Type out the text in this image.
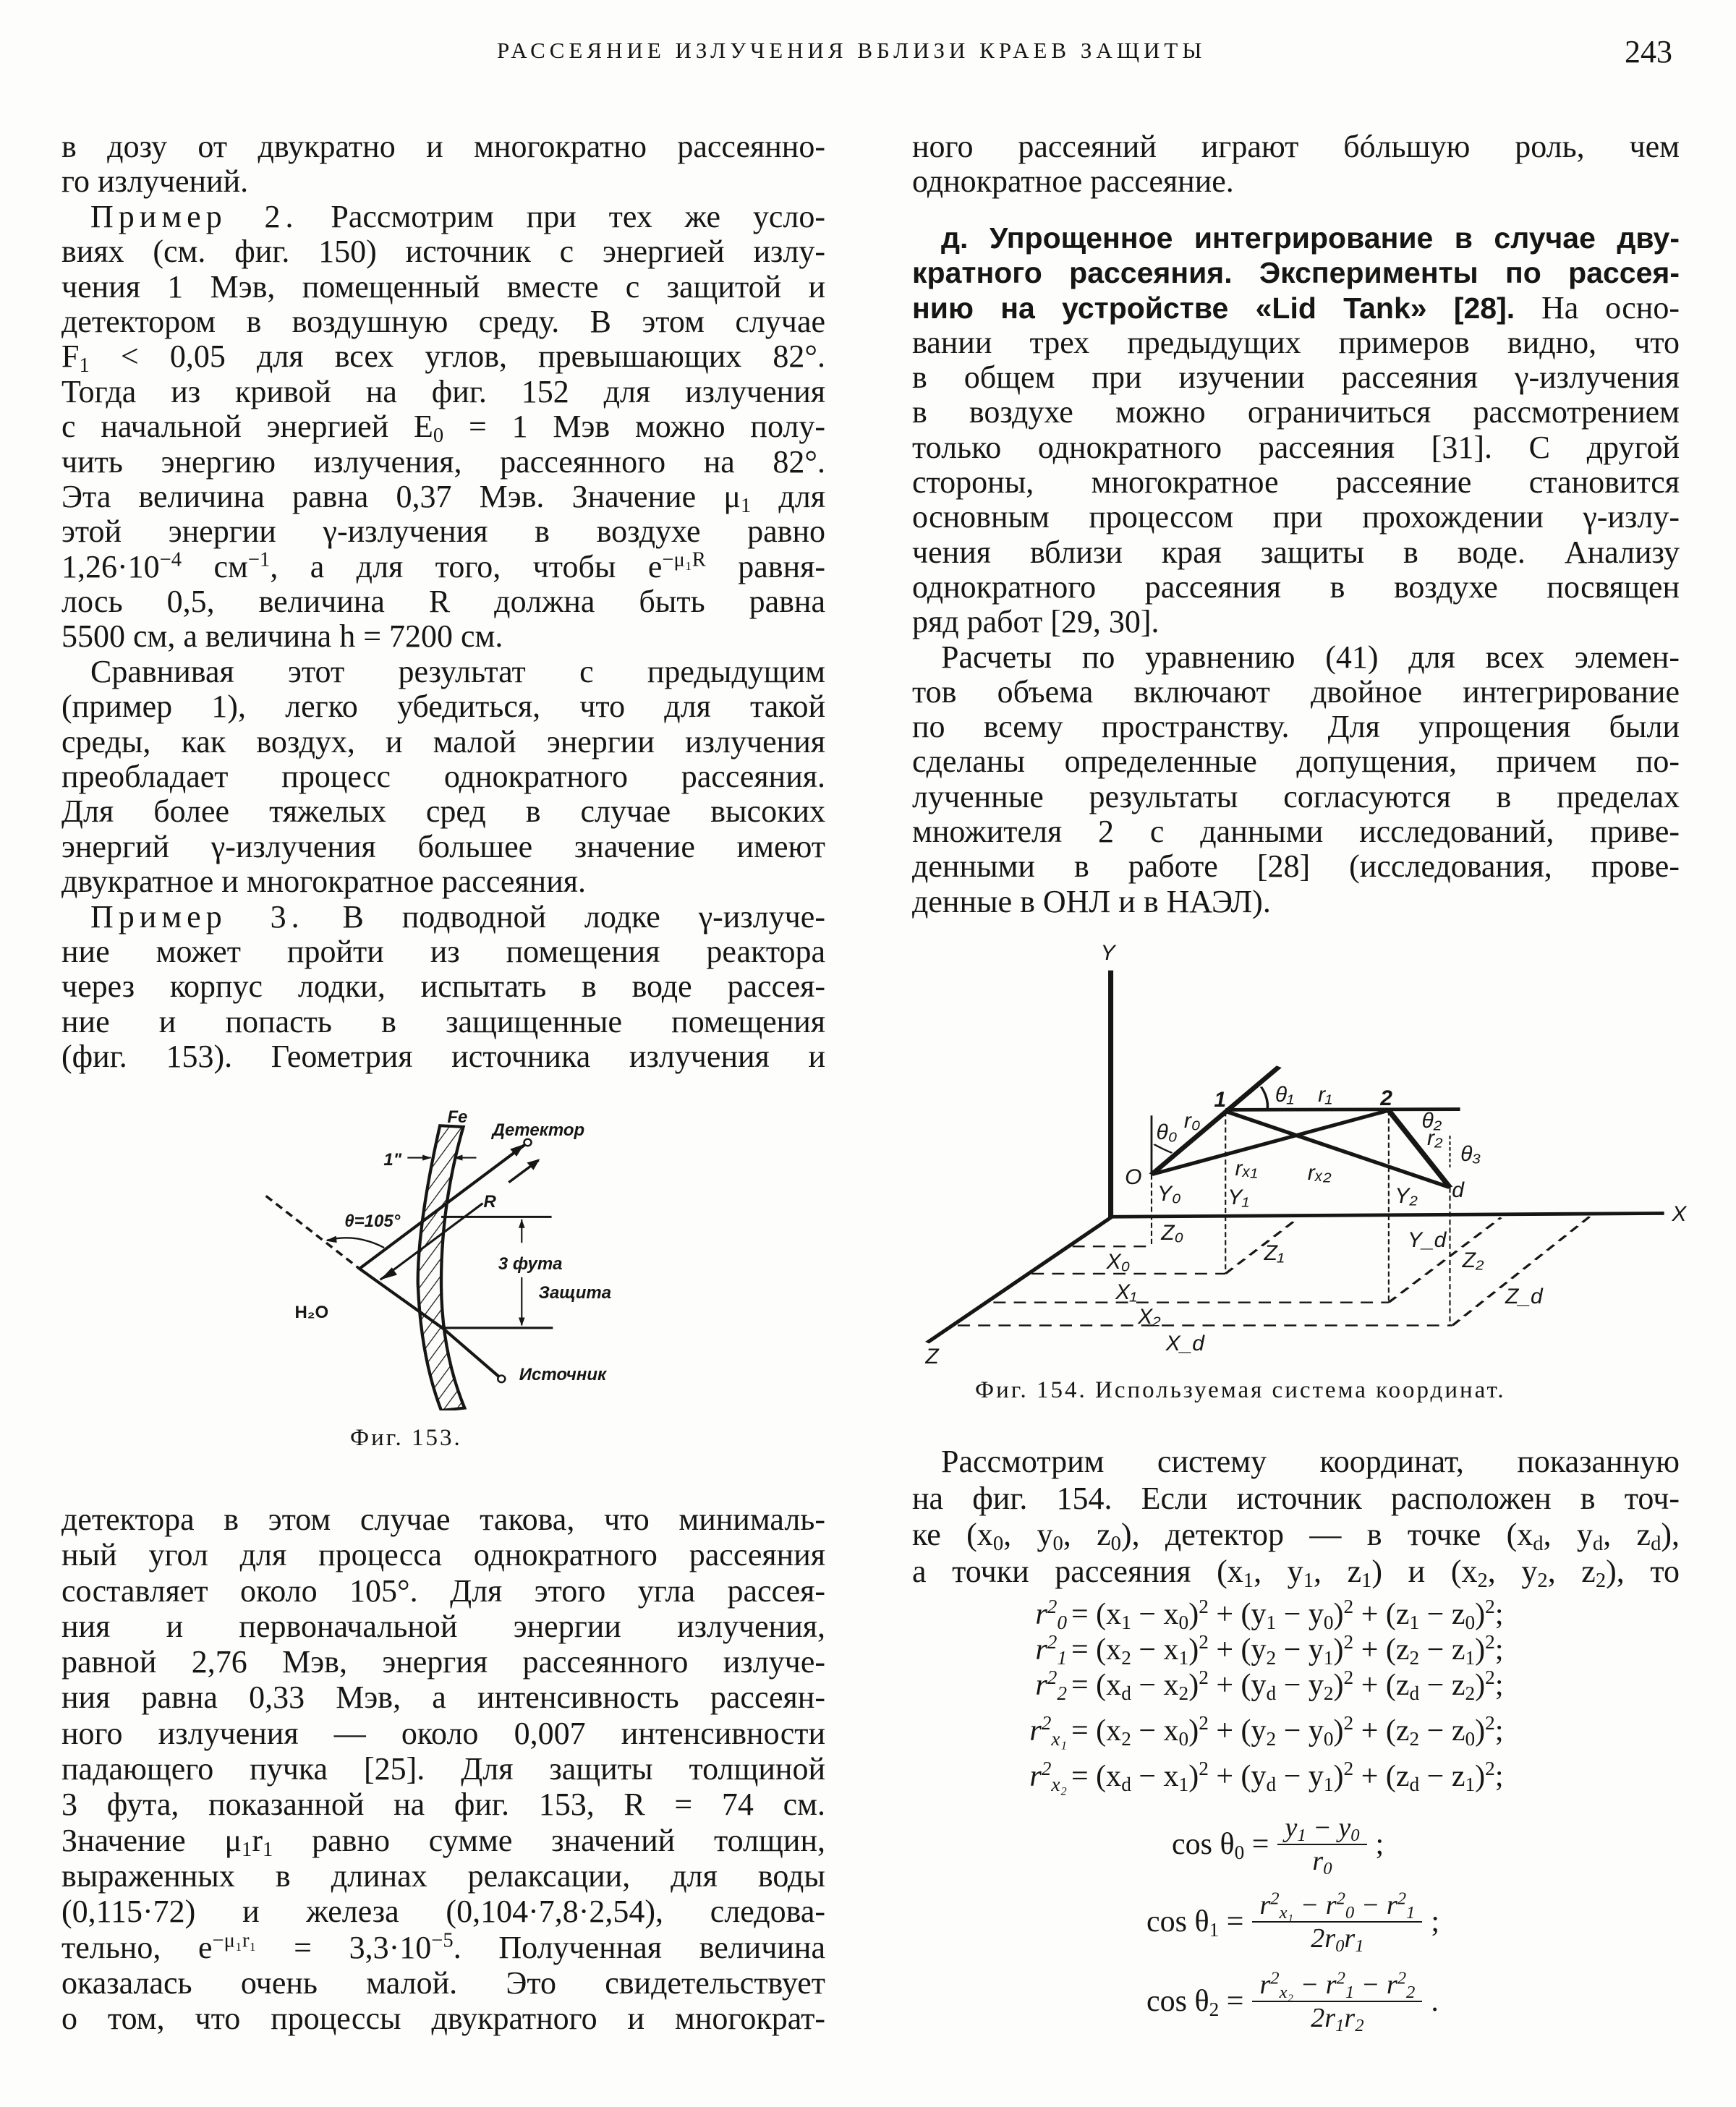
РАССЕЯНИЕ ИЗЛУЧЕНИЯ ВБЛИЗИ КРАЕВ ЗАЩИТЫ	243
в дозу от двукратно и многократно рассеянно-
го излучений.
Пример 2. Рассмотрим при тех же усло-
виях (см. фиг. 150) источник с энергией излу-
чения 1 Мэв, помещенный вместе с защитой и
детектором в воздушную среду. В этом случае
$F_1 < 0,05$ для всех углов, превышающих 82°.
Тогда из кривой на фиг. 152 для излучения
с начальной энергией $E_0 = 1$ Мэв можно полу-
чить энергию излучения, рассеянного на 82°.
Эта величина равна 0,37 Мэв. Значение $\mu_1$ для
этой энергии γ-излучения в воздухе равно
$1,26\cdot 10^{-4}$ $см^{-1}$, а для того, чтобы $e^{-\mu_1R}$ равня-
лось 0,5, величина R должна быть равна
5500 см, а величина h = 7200 см.
Сравнивая этот результат с предыдущим
(пример 1), легко убедиться, что для такой
среды, как воздух, и малой энергии излучения
преобладает процесс однократного рассеяния.
Для более тяжелых сред в случае высоких
энергий γ-излучения большее значение имеют
двукратное и многократное рассеяния.
Пример 3. В подводной лодке γ-излуче-
ние может пройти из помещения реактора
через корпус лодки, испытать в воде рассея-
ние и попасть в защищенные помещения
(фиг. 153). Геометрия источника излучения и
детектора в этом случае такова, что минималь-
ный угол для процесса однократного рассеяния
составляет около 105°. Для этого угла рассея-
ния и первоначальной энергии излучения,
равной 2,76 Мэв, энергия рассеянного излуче-
ния равна 0,33 Мэв, а интенсивность рассеян-
ного излучения — около 0,007 интенсивности
падающего пучка [25]. Для защиты толщиной
3 фута, показанной на фиг. 153, R = 74 см.
Значение $\mu_1r_1$ равно сумме значений толщин,
выраженных в длинах релаксации, для воды
(0,115·72) и железа (0,104·7,8·2,54), следова-
тельно, $e^{-\mu_1r_1} = 3,3\cdot 10^{-5}$. Полученная величина
оказалась очень малой. Это свидетельствует
о том, что процессы двукратного и многократ-
ного рассеяний играют бóльшую роль, чем
однократное рассеяние.
д. Упрощенное интегрирование в случае дву-
кратного рассеяния. Эксперименты по рассея-
нию на устройстве «Lid Tank» [28]. На осно-
вании трех предыдущих примеров видно, что
в общем при изучении рассеяния γ-излучения
в воздухе можно ограничиться рассмотрением
только однократного рассеяния [31]. С другой
стороны, многократное рассеяние становится
основным процессом при прохождении γ-излу-
чения вблизи края защиты в воде. Анализу
однократного рассеяния в воздухе посвящен
ряд работ [29, 30].
Расчеты по уравнению (41) для всех элемен-
тов объема включают двойное интегрирование
по всему пространству. Для упрощения были
сделаны определенные допущения, причем по-
лученные результаты согласуются в пределах
множителя 2 с данными исследований, приве-
денными в работе [28] (исследования, прове-
денные в ОНЛ и в НАЭЛ).
Рассмотрим систему координат, показанную
на фиг. 154. Если источник расположен в точ-
ке ($x_0$, $y_0$, $z_0$), детектор — в точке ($x_d$, $y_d$, $z_d$),
а точки рассеяния ($x_1$, $y_1$, $z_1$) и ($x_2$, $y_2$, $z_2$), то
Fe
Детектор
1"
R
θ=105°
3 фута
Защита
H₂O
Источник
Фиг. 153.
Y
X
Z
1	2
θ₁ r₁
θ₀ r₀	θ₂
r₂
θ₃
O	rₓ₁ rₓ₂
d
Y₀ Y₁	Y₂
Z₀	Y_d
X₀	Z₁	Z₂
X₁	Z_d
X₂
X_d
Фиг. 154. Используемая система координат.
$r^2_0 = (x_1 - x_0)^2 + (y_1 - y_0)^2 + (z_1 - z_0)^2$;
$r^2_1 = (x_2 - x_1)^2 + (y_2 - y_1)^2 + (z_2 - z_1)^2$;
$r^2_2 = (x_d - x_2)^2 + (y_d - y_2)^2 + (z_d - z_2)^2$;
$r^2_{x_1} = (x_2 - x_0)^2 + (y_2 - y_0)^2 + (z_2 - z_0)^2$;
$r^2_{x_2} = (x_d - x_1)^2 + (y_d - y_1)^2 + (z_d - z_1)^2$;
$\cos \theta_0 = \frac{y_1 - y_0}{r_0}$ ;
$\cos \theta_1 = \frac{r^2_{x_1} - r^2_0 - r^2_1}{2r_0r_1}$ ;
$\cos \theta_2 = \frac{r^2_{x_2} - r^2_1 - r^2_2}{2r_1r_2}$ .
